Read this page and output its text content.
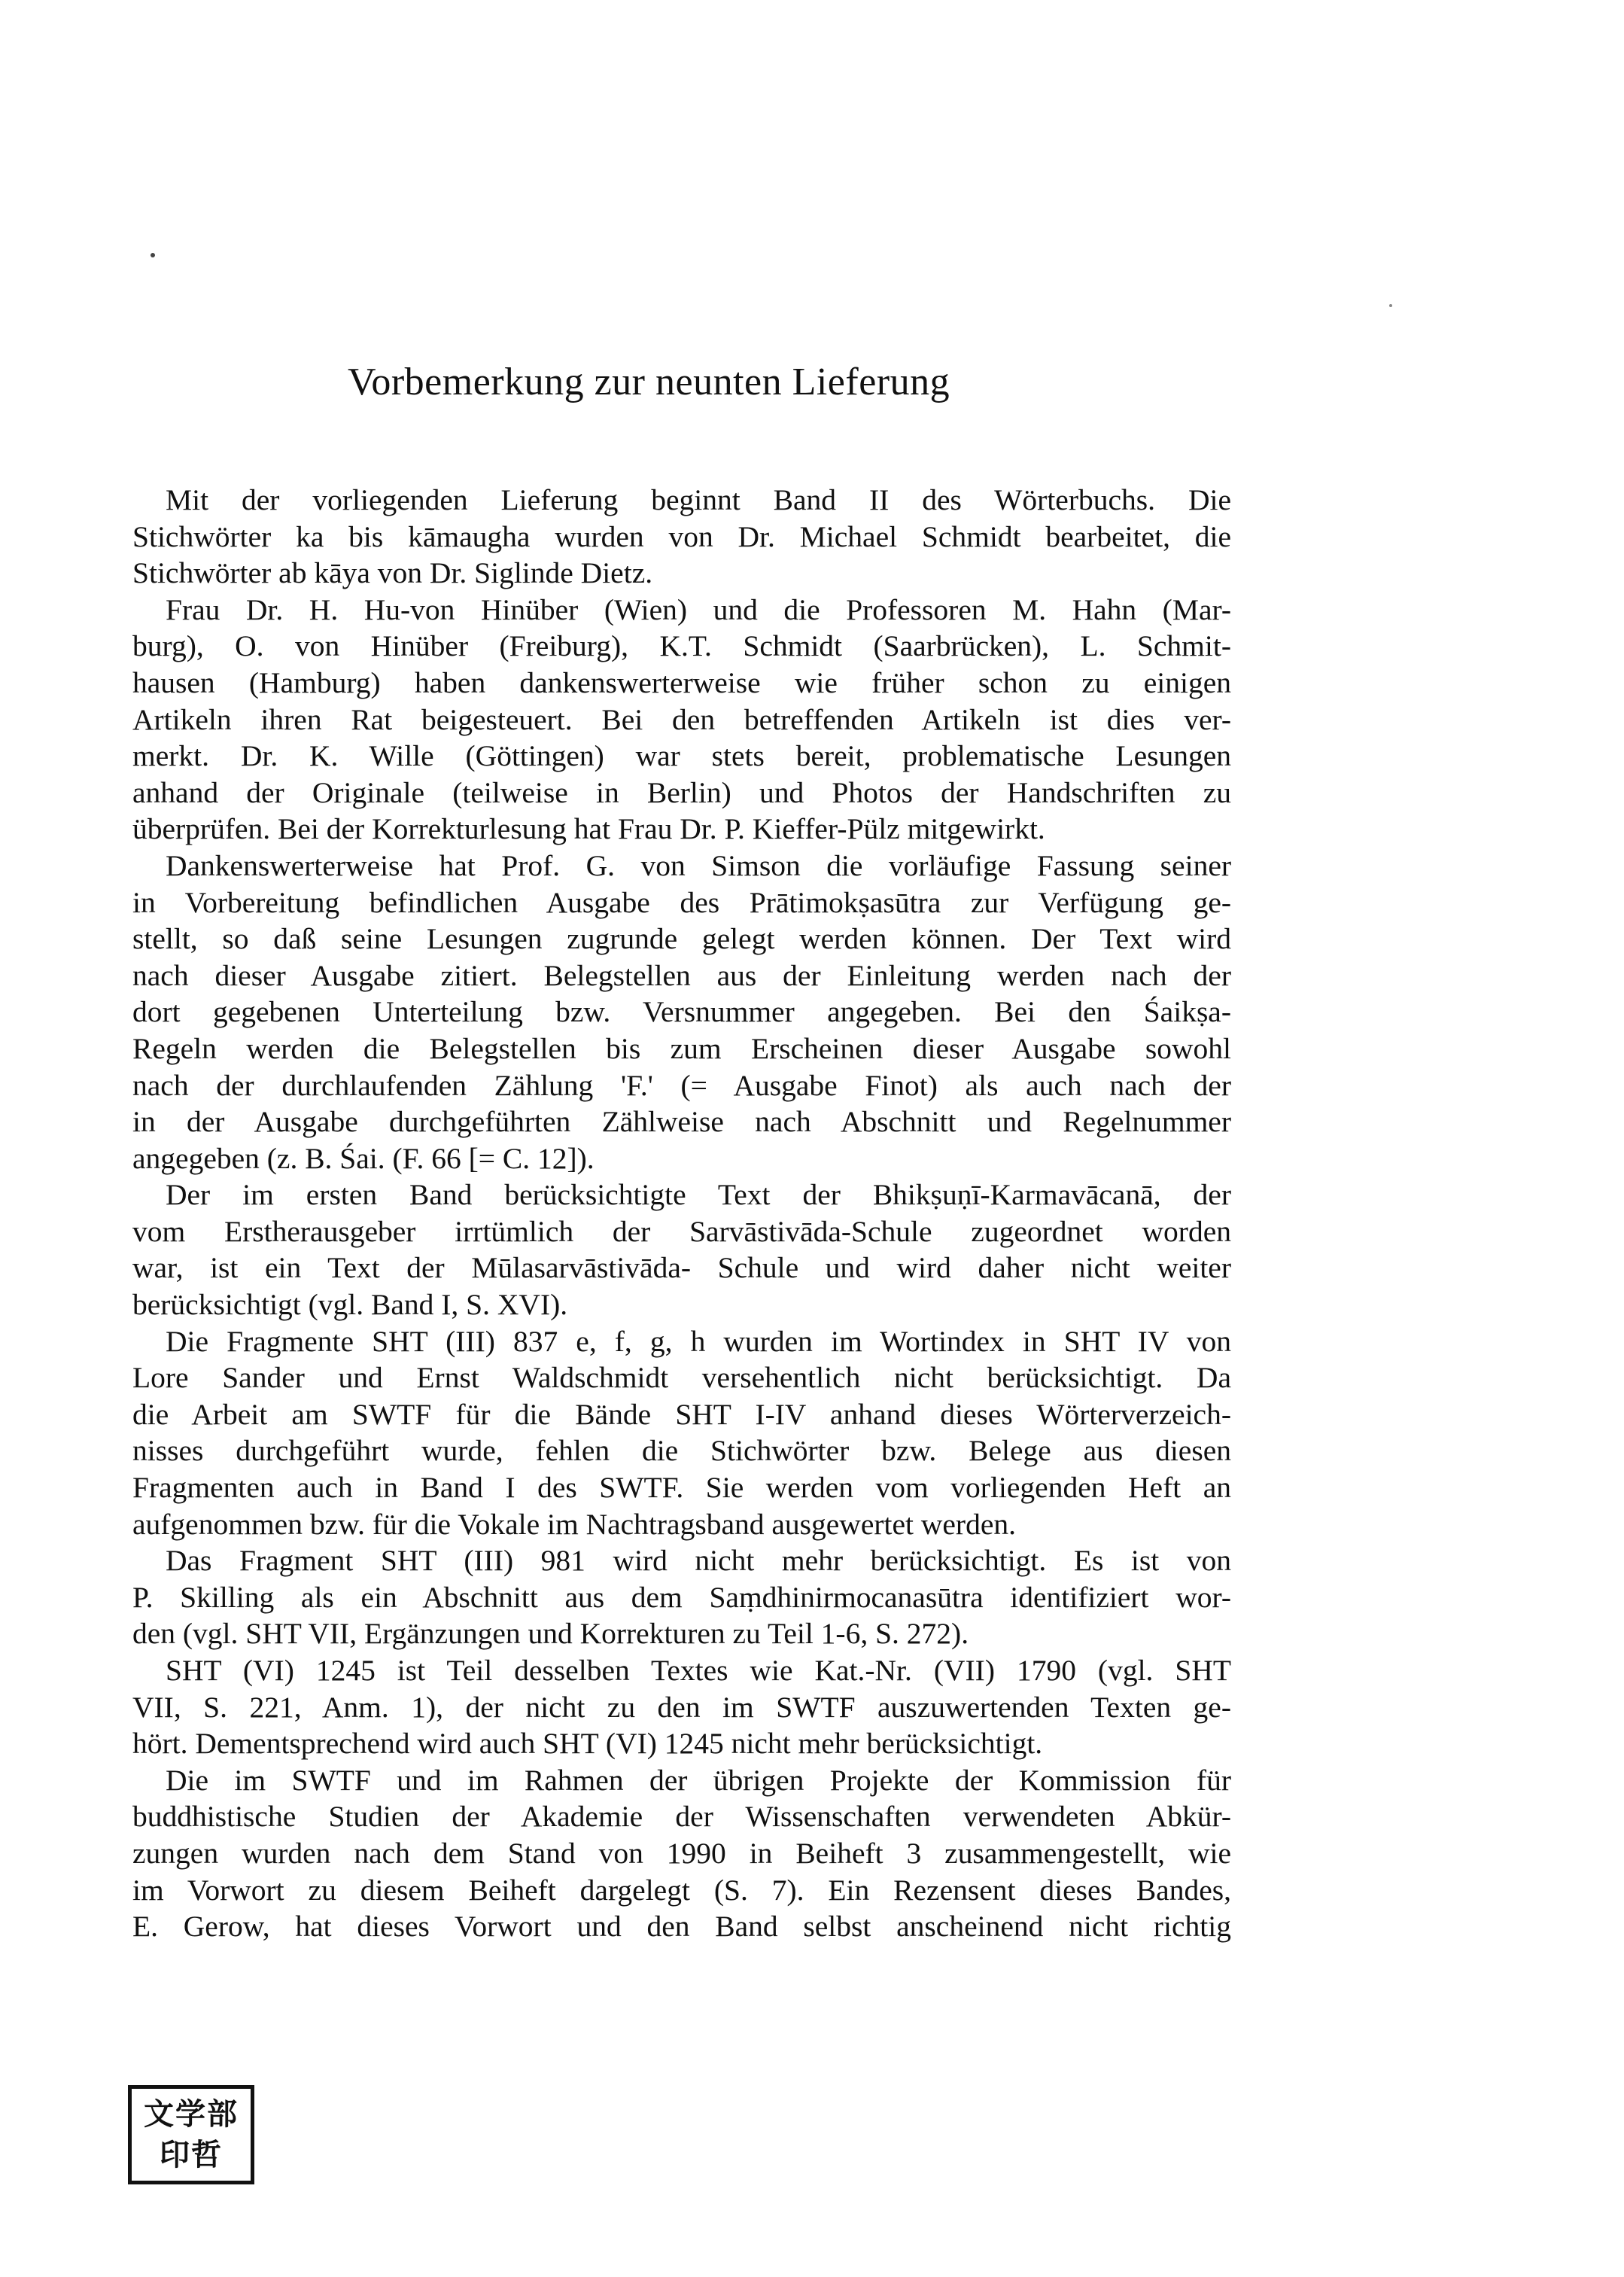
Vorbemerkung zur neunten Lieferung
Mit der vorliegenden Lieferung beginnt Band II des Wörterbuchs. Die
Stichwörter ka bis kāmaugha wurden von Dr. Michael Schmidt bearbeitet, die
Stichwörter ab kāya von Dr. Siglinde Dietz.
Frau Dr. H. Hu-von Hinüber (Wien) und die Professoren M. Hahn (Mar-
burg), O. von Hinüber (Freiburg), K.T. Schmidt (Saarbrücken), L. Schmit-
hausen (Hamburg) haben dankenswerterweise wie früher schon zu einigen
Artikeln ihren Rat beigesteuert. Bei den betreffenden Artikeln ist dies ver-
merkt. Dr. K. Wille (Göttingen) war stets bereit, problematische Lesungen
anhand der Originale (teilweise in Berlin) und Photos der Handschriften zu
überprüfen. Bei der Korrekturlesung hat Frau Dr. P. Kieffer-Pülz mitgewirkt.
Dankenswerterweise hat Prof. G. von Simson die vorläufige Fassung seiner
in Vorbereitung befindlichen Ausgabe des Prātimokṣasūtra zur Verfügung ge-
stellt, so daß seine Lesungen zugrunde gelegt werden können. Der Text wird
nach dieser Ausgabe zitiert. Belegstellen aus der Einleitung werden nach der
dort gegebenen Unterteilung bzw. Versnummer angegeben. Bei den Śaikṣa-
Regeln werden die Belegstellen bis zum Erscheinen dieser Ausgabe sowohl
nach der durchlaufenden Zählung 'F.' (= Ausgabe Finot) als auch nach der
in der Ausgabe durchgeführten Zählweise nach Abschnitt und Regelnummer
angegeben (z. B. Śai. (F. 66 [= C. 12]).
Der im ersten Band berücksichtigte Text der Bhikṣuṇī-Karmavācanā, der
vom Erstherausgeber irrtümlich der Sarvāstivāda-Schule zugeordnet worden
war, ist ein Text der Mūlasarvāstivāda- Schule und wird daher nicht weiter
berücksichtigt (vgl. Band I, S. XVI).
Die Fragmente SHT (III) 837 e, f, g, h wurden im Wortindex in SHT IV von
Lore Sander und Ernst Waldschmidt versehentlich nicht berücksichtigt. Da
die Arbeit am SWTF für die Bände SHT I-IV anhand dieses Wörterverzeich-
nisses durchgeführt wurde, fehlen die Stichwörter bzw. Belege aus diesen
Fragmenten auch in Band I des SWTF. Sie werden vom vorliegenden Heft an
aufgenommen bzw. für die Vokale im Nachtragsband ausgewertet werden.
Das Fragment SHT (III) 981 wird nicht mehr berücksichtigt. Es ist von
P. Skilling als ein Abschnitt aus dem Saṃdhinirmocanasūtra identifiziert wor-
den (vgl. SHT VII, Ergänzungen und Korrekturen zu Teil 1-6, S. 272).
SHT (VI) 1245 ist Teil desselben Textes wie Kat.-Nr. (VII) 1790 (vgl. SHT
VII, S. 221, Anm. 1), der nicht zu den im SWTF auszuwertenden Texten ge-
hört. Dementsprechend wird auch SHT (VI) 1245 nicht mehr berücksichtigt.
Die im SWTF und im Rahmen der übrigen Projekte der Kommission für
buddhistische Studien der Akademie der Wissenschaften verwendeten Abkür-
zungen wurden nach dem Stand von 1990 in Beiheft 3 zusammengestellt, wie
im Vorwort zu diesem Beiheft dargelegt (S. 7). Ein Rezensent dieses Bandes,
E. Gerow, hat dieses Vorwort und den Band selbst anscheinend nicht richtig
文学部
印哲
